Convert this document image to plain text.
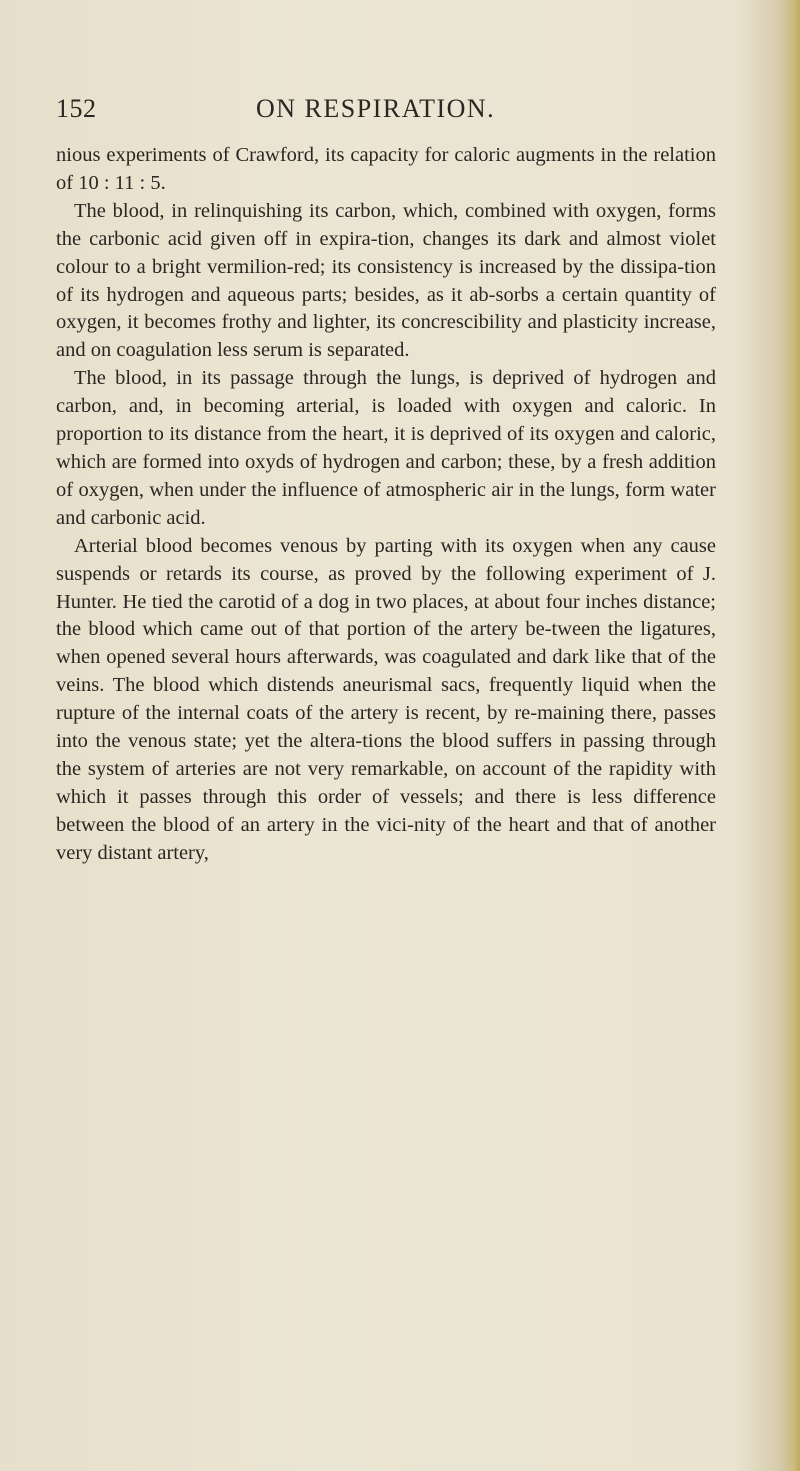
152	ON RESPIRATION.

nious experiments of Crawford, its capacity for caloric augments in the relation of 10 : 11 : 5.

The blood, in relinquishing its carbon, which, combined with oxygen, forms the carbonic acid given off in expira-tion, changes its dark and almost violet colour to a bright vermilion-red; its consistency is increased by the dissipa-tion of its hydrogen and aqueous parts; besides, as it ab-sorbs a certain quantity of oxygen, it becomes frothy and lighter, its concrescibility and plasticity increase, and on coagulation less serum is separated.

The blood, in its passage through the lungs, is deprived of hydrogen and carbon, and, in becoming arterial, is loaded with oxygen and caloric. In proportion to its distance from the heart, it is deprived of its oxygen and caloric, which are formed into oxyds of hydrogen and carbon; these, by a fresh addition of oxygen, when under the influence of atmospheric air in the lungs, form water and carbonic acid.

Arterial blood becomes venous by parting with its oxygen when any cause suspends or retards its course, as proved by the following experiment of J. Hunter. He tied the carotid of a dog in two places, at about four inches distance; the blood which came out of that portion of the artery be-tween the ligatures, when opened several hours afterwards, was coagulated and dark like that of the veins. The blood which distends aneurismal sacs, frequently liquid when the rupture of the internal coats of the artery is recent, by re-maining there, passes into the venous state; yet the altera-tions the blood suffers in passing through the system of arteries are not very remarkable, on account of the rapidity with which it passes through this order of vessels; and there is less difference between the blood of an artery in the vici-nity of the heart and that of another very distant artery,
